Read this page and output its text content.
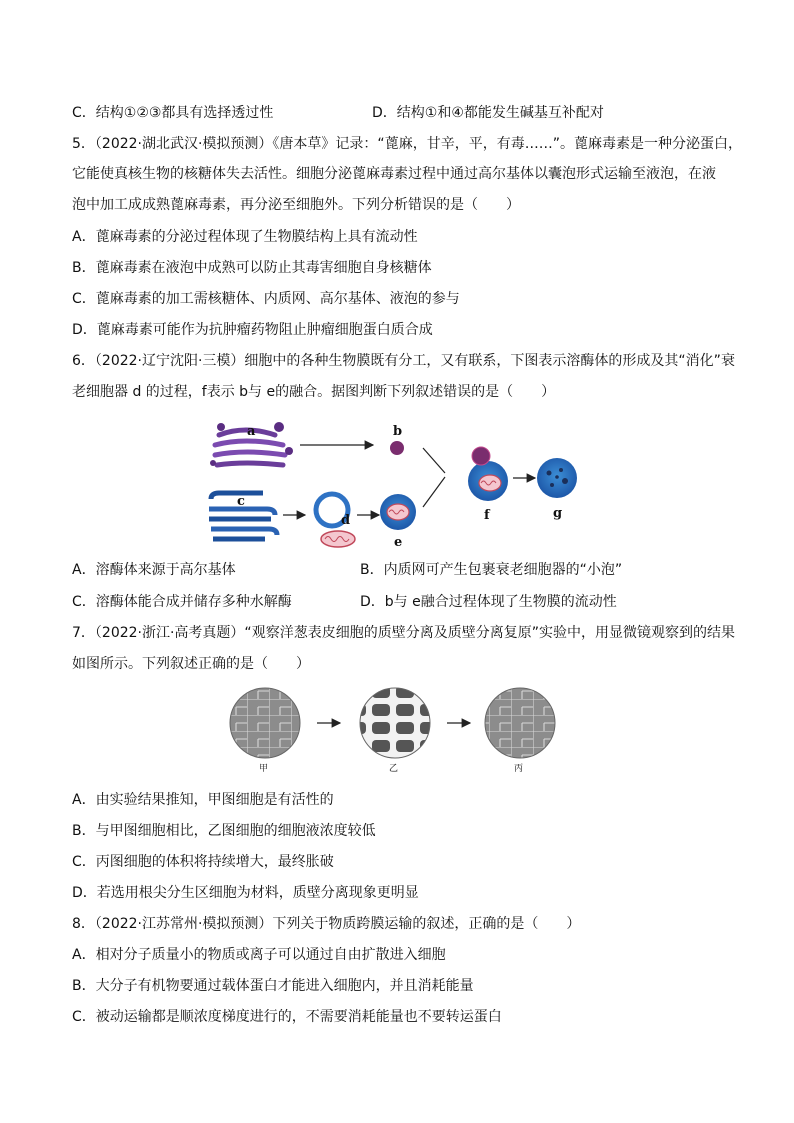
C．结构①②③都具有选择透过性	D．结构①和④都能发生碱基互补配对
5．（2022·湖北武汉·模拟预测）《唐本草》记录：“蓖麻，甘辛，平，有毒……”。蓖麻毒素是一种分泌蛋白，
它能使真核生物的核糖体失去活性。细胞分泌蓖麻毒素过程中通过高尔基体以囊泡形式运输至液泡，在液
泡中加工成成熟蓖麻毒素，再分泌至细胞外。下列分析错误的是（　　）
A．蓖麻毒素的分泌过程体现了生物膜结构上具有流动性
B．蓖麻毒素在液泡中成熟可以防止其毒害细胞自身核糖体
C．蓖麻毒素的加工需核糖体、内质网、高尔基体、液泡的参与
D．蓖麻毒素可能作为抗肿瘤药物阻止肿瘤细胞蛋白质合成
6．（2022·辽宁沈阳·三模）细胞中的各种生物膜既有分工，又有联系，下图表示溶酶体的形成及其“消化”衰
老细胞器 d 的过程，f表示 b与 e的融合。据图判断下列叙述错误的是（　　）
a	b
c
d
e
f	g
A．溶酶体来源于高尔基体	B．内质网可产生包裹衰老细胞器的“小泡”
C．溶酶体能合成并储存多种水解酶	D．b与 e融合过程体现了生物膜的流动性
7．（2022·浙江·高考真题）“观察洋葱表皮细胞的质壁分离及质壁分离复原”实验中，用显微镜观察到的结果
如图所示。下列叙述正确的是（　　）
甲	乙	丙
A．由实验结果推知，甲图细胞是有活性的
B．与甲图细胞相比，乙图细胞的细胞液浓度较低
C．丙图细胞的体积将持续增大，最终胀破
D．若选用根尖分生区细胞为材料，质壁分离现象更明显
8．（2022·江苏常州·模拟预测）下列关于物质跨膜运输的叙述，正确的是（　　）
A．相对分子质量小的物质或离子可以通过自由扩散进入细胞
B．大分子有机物要通过载体蛋白才能进入细胞内，并且消耗能量
C．被动运输都是顺浓度梯度进行的，不需要消耗能量也不要转运蛋白
